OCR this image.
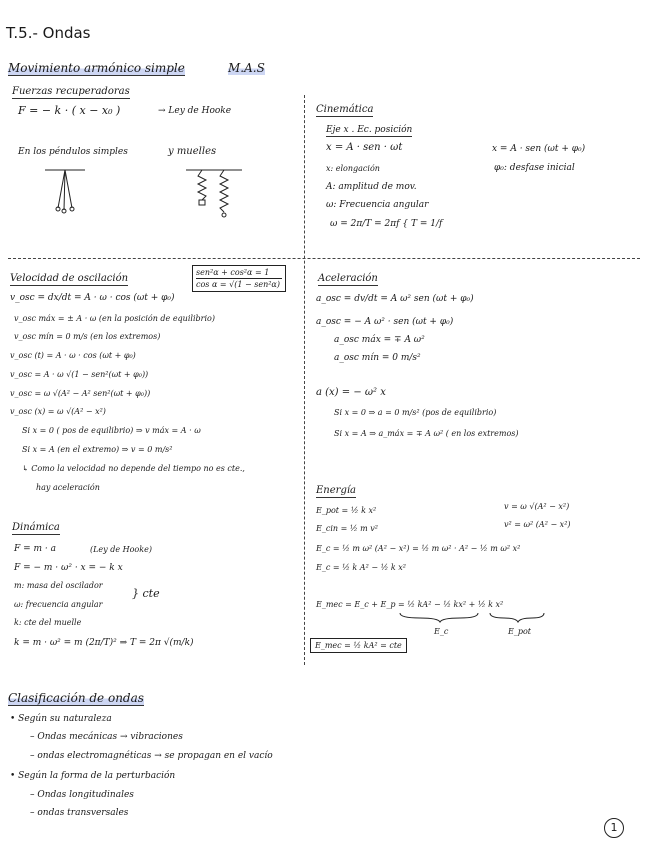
T.5.- Ondas
Movimiento armónico simple	M.A.S
Fuerzas recuperadoras
F = − k · ( x − x₀ )	→ Ley de Hooke
En los péndulos simples	y muelles
Cinemática
Eje x . Ec. posición
x = A · sen · ωt	x = A · sen (ωt + φ₀)
x: elongación	φ₀: desfase inicial
A: amplitud de mov.
ω: Frecuencia angular
ω = 2π/T = 2πf { T = 1/f
Velocidad de oscilación
sen²α + cos²α = 1
cos α = √(1 − sen²α)
v_osc = dx/dt = A · ω · cos (ωt + φ₀)
v_osc máx = ± A · ω (en la posición de equilibrio)
v_osc mín = 0 m/s (en los extremos)
v_osc (t) = A · ω · cos (ωt + φ₀)
v_osc = A · ω √(1 − sen²(ωt + φ₀))
v_osc = ω √(A² − A² sen²(ωt + φ₀))
v_osc (x) = ω √(A² − x²)
Si x = 0 ( pos de equilibrio) ⇒ v máx = A · ω
Si x = A (en el extremo) ⇒ v = 0 m/s²
↳ Como la velocidad no depende del tiempo no es cte.,
hay aceleración
Aceleración
a_osc = dv/dt = A ω² sen (ωt + φ₀)
a_osc = − A ω² · sen (ωt + φ₀)
a_osc máx = ∓ A ω²
a_osc mín = 0 m/s²
a (x) = − ω² x
Si x = 0 ⇒ a = 0 m/s² (pos de equilibrio)
Si x = A ⇒ a_máx = ∓ A ω² ( en los extremos)
Dinámica
F = m · a	(Ley de Hooke)
F = − m · ω² · x = − k x
m: masa del oscilador
ω: frecuencia angular
} cte
k: cte del muelle
k = m · ω² = m (2π/T)² ⇒ T = 2π √(m/k)
Energía
E_pot = ½ k x²	v = ω √(A² − x²)
E_cin = ½ m v²	v² = ω² (A² − x²)
E_c = ½ m ω² (A² − x²) = ½ m ω² · A² − ½ m ω² x²
E_c = ½ k A² − ½ k x²
E_mec = E_c + E_p = ½ kA² − ½ kx² + ½ k x²
E_c	E_pot
E_mec = ½ kA² = cte
Clasificación de ondas
• Según su naturaleza
– Ondas mecánicas → vibraciones
– ondas electromagnéticas → se propagan en el vacío
• Según la forma de la perturbación
– Ondas longitudinales
– ondas transversales
1
